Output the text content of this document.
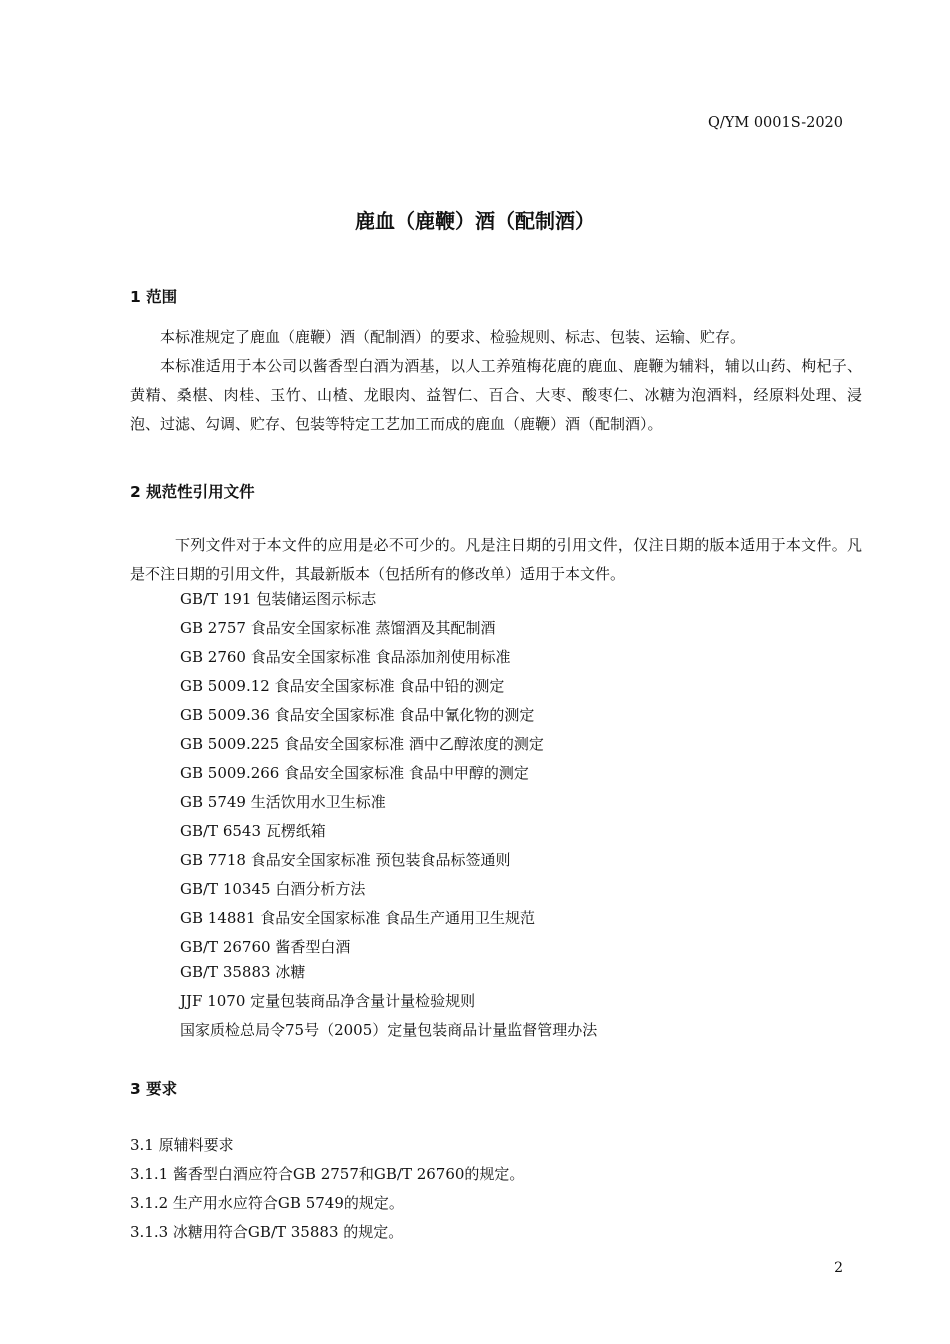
Q/YM 0001S-2020
鹿血（鹿鞭）酒（配制酒）
1 范围

本标准规定了鹿血（鹿鞭）酒（配制酒）的要求、检验规则、标志、包装、运输、贮存。

本标准适用于本公司以酱香型白酒为酒基，以人工养殖梅花鹿的鹿血、鹿鞭为辅料，辅以山药、枸杞子、黄精、桑椹、肉桂、玉竹、山楂、龙眼肉、益智仁、百合、大枣、酸枣仁、冰糖为泡酒料，经原料处理、浸泡、过滤、勾调、贮存、包装等特定工艺加工而成的鹿血（鹿鞭）酒（配制酒）。

2 规范性引用文件

下列文件对于本文件的应用是必不可少的。凡是注日期的引用文件，仅注日期的版本适用于本文件。凡是不注日期的引用文件，其最新版本（包括所有的修改单）适用于本文件。

GB/T 191 包装储运图示标志
GB 2757 食品安全国家标准 蒸馏酒及其配制酒
GB 2760 食品安全国家标准 食品添加剂使用标准
GB 5009.12 食品安全国家标准 食品中铅的测定
GB 5009.36 食品安全国家标准 食品中氰化物的测定
GB 5009.225 食品安全国家标准 酒中乙醇浓度的测定
GB 5009.266 食品安全国家标准 食品中甲醇的测定
GB 5749 生活饮用水卫生标准
GB/T 6543 瓦楞纸箱
GB 7718 食品安全国家标准 预包装食品标签通则
GB/T 10345 白酒分析方法
GB 14881 食品安全国家标准 食品生产通用卫生规范
GB/T 26760 酱香型白酒
GB/T 35883 冰糖
JJF 1070 定量包装商品净含量计量检验规则
国家质检总局令75号（2005）定量包装商品计量监督管理办法
3 要求
3.1 原辅料要求
3.1.1 酱香型白酒应符合GB 2757和GB/T 26760的规定。
3.1.2 生产用水应符合GB 5749的规定。
3.1.3 冰糖用符合GB/T 35883 的规定。
2
